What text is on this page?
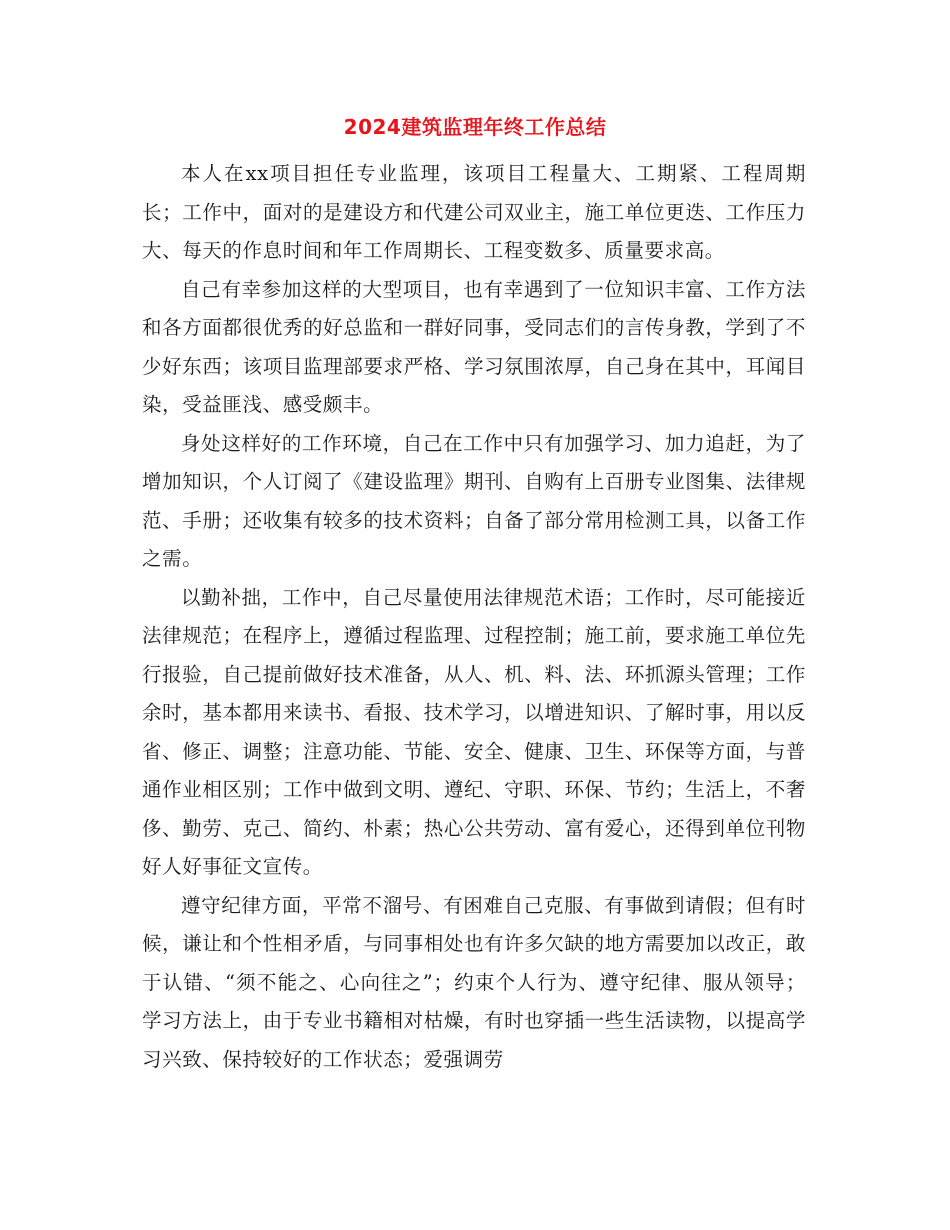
2024建筑监理年终工作总结

本人在xx项目担任专业监理，该项目工程量大、工期紧、工程周期长；工作中，面对的是建设方和代建公司双业主，施工单位更迭、工作压力大、每天的作息时间和年工作周期长、工程变数多、质量要求高。

自己有幸参加这样的大型项目，也有幸遇到了一位知识丰富、工作方法和各方面都很优秀的好总监和一群好同事，受同志们的言传身教，学到了不少好东西；该项目监理部要求严格、学习氛围浓厚，自己身在其中，耳闻目染，受益匪浅、感受颇丰。

身处这样好的工作环境，自己在工作中只有加强学习、加力追赶，为了增加知识，个人订阅了《建设监理》期刊、自购有上百册专业图集、法律规范、手册；还收集有较多的技术资料；自备了部分常用检测工具，以备工作之需。

以勤补拙，工作中，自己尽量使用法律规范术语；工作时，尽可能接近法律规范；在程序上，遵循过程监理、过程控制；施工前，要求施工单位先行报验，自己提前做好技术准备，从人、机、料、法、环抓源头管理；工作余时，基本都用来读书、看报、技术学习，以增进知识、了解时事，用以反省、修正、调整；注意功能、节能、安全、健康、卫生、环保等方面，与普通作业相区别；工作中做到文明、遵纪、守职、环保、节约；生活上，不奢侈、勤劳、克己、简约、朴素；热心公共劳动、富有爱心，还得到单位刊物好人好事征文宣传。

遵守纪律方面，平常不溜号、有困难自己克服、有事做到请假；但有时候，谦让和个性相矛盾，与同事相处也有许多欠缺的地方需要加以改正，敢于认错、“须不能之、心向往之”；约束个人行为、遵守纪律、服从领导；学习方法上，由于专业书籍相对枯燥，有时也穿插一些生活读物，以提高学习兴致、保持较好的工作状态；爱强调劳
